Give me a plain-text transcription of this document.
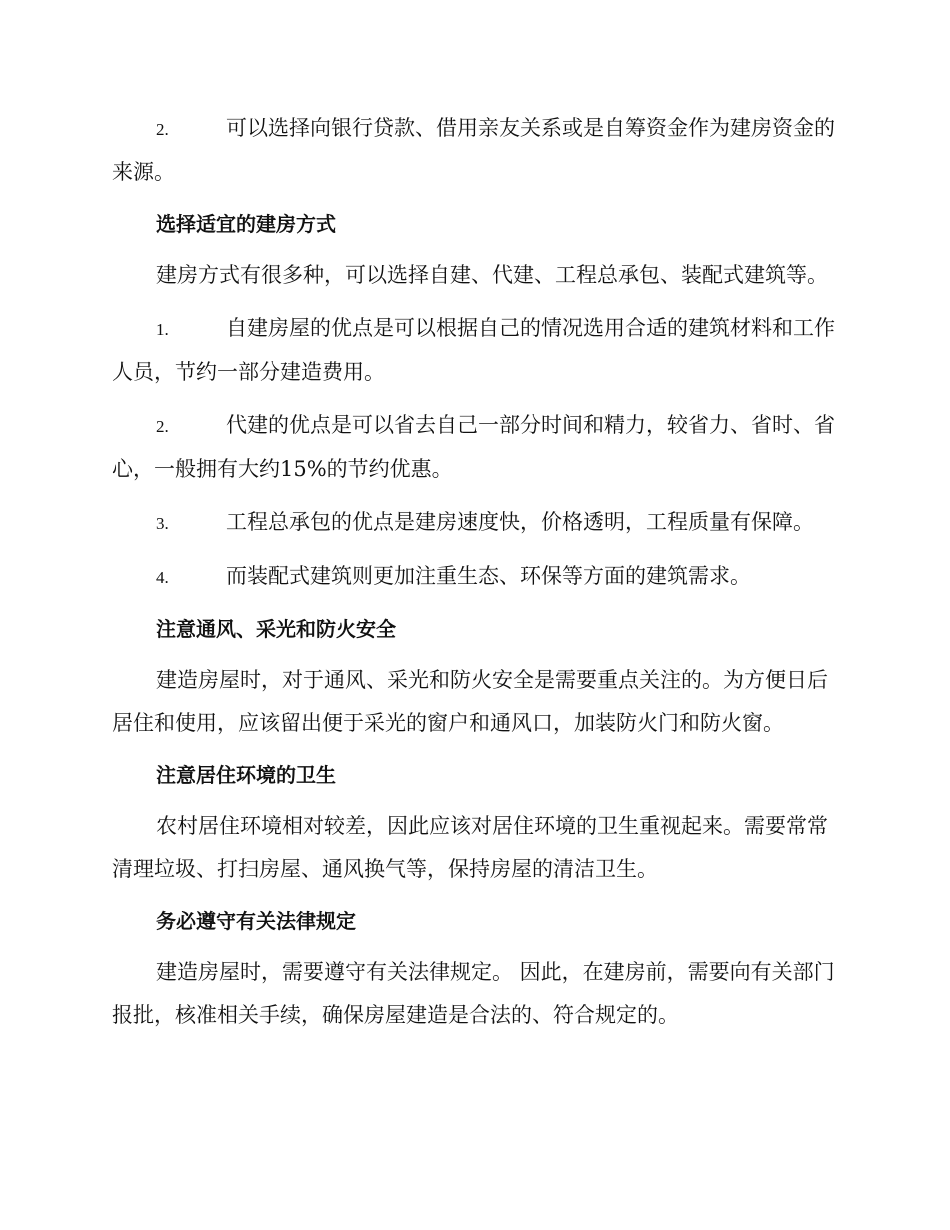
2.	可以选择向银行贷款、借用亲友关系或是自筹资金作为建房资金的来源。
选择适宜的建房方式
建房方式有很多种，可以选择自建、代建、工程总承包、装配式建筑等。
1.	自建房屋的优点是可以根据自己的情况选用合适的建筑材料和工作人员，节约一部分建造费用。
2.	代建的优点是可以省去自己一部分时间和精力，较省力、省时、省心，一般拥有大约15%的节约优惠。
3.	工程总承包的优点是建房速度快，价格透明，工程质量有保障。
4.	而装配式建筑则更加注重生态、环保等方面的建筑需求。
注意通风、采光和防火安全
建造房屋时，对于通风、采光和防火安全是需要重点关注的。为方便日后居住和使用，应该留出便于采光的窗户和通风口，加装防火门和防火窗。
注意居住环境的卫生
农村居住环境相对较差，因此应该对居住环境的卫生重视起来。需要常常清理垃圾、打扫房屋、通风换气等，保持房屋的清洁卫生。
务必遵守有关法律规定
建造房屋时，需要遵守有关法律规定。 因此，在建房前，需要向有关部门报批，核准相关手续，确保房屋建造是合法的、符合规定的。
